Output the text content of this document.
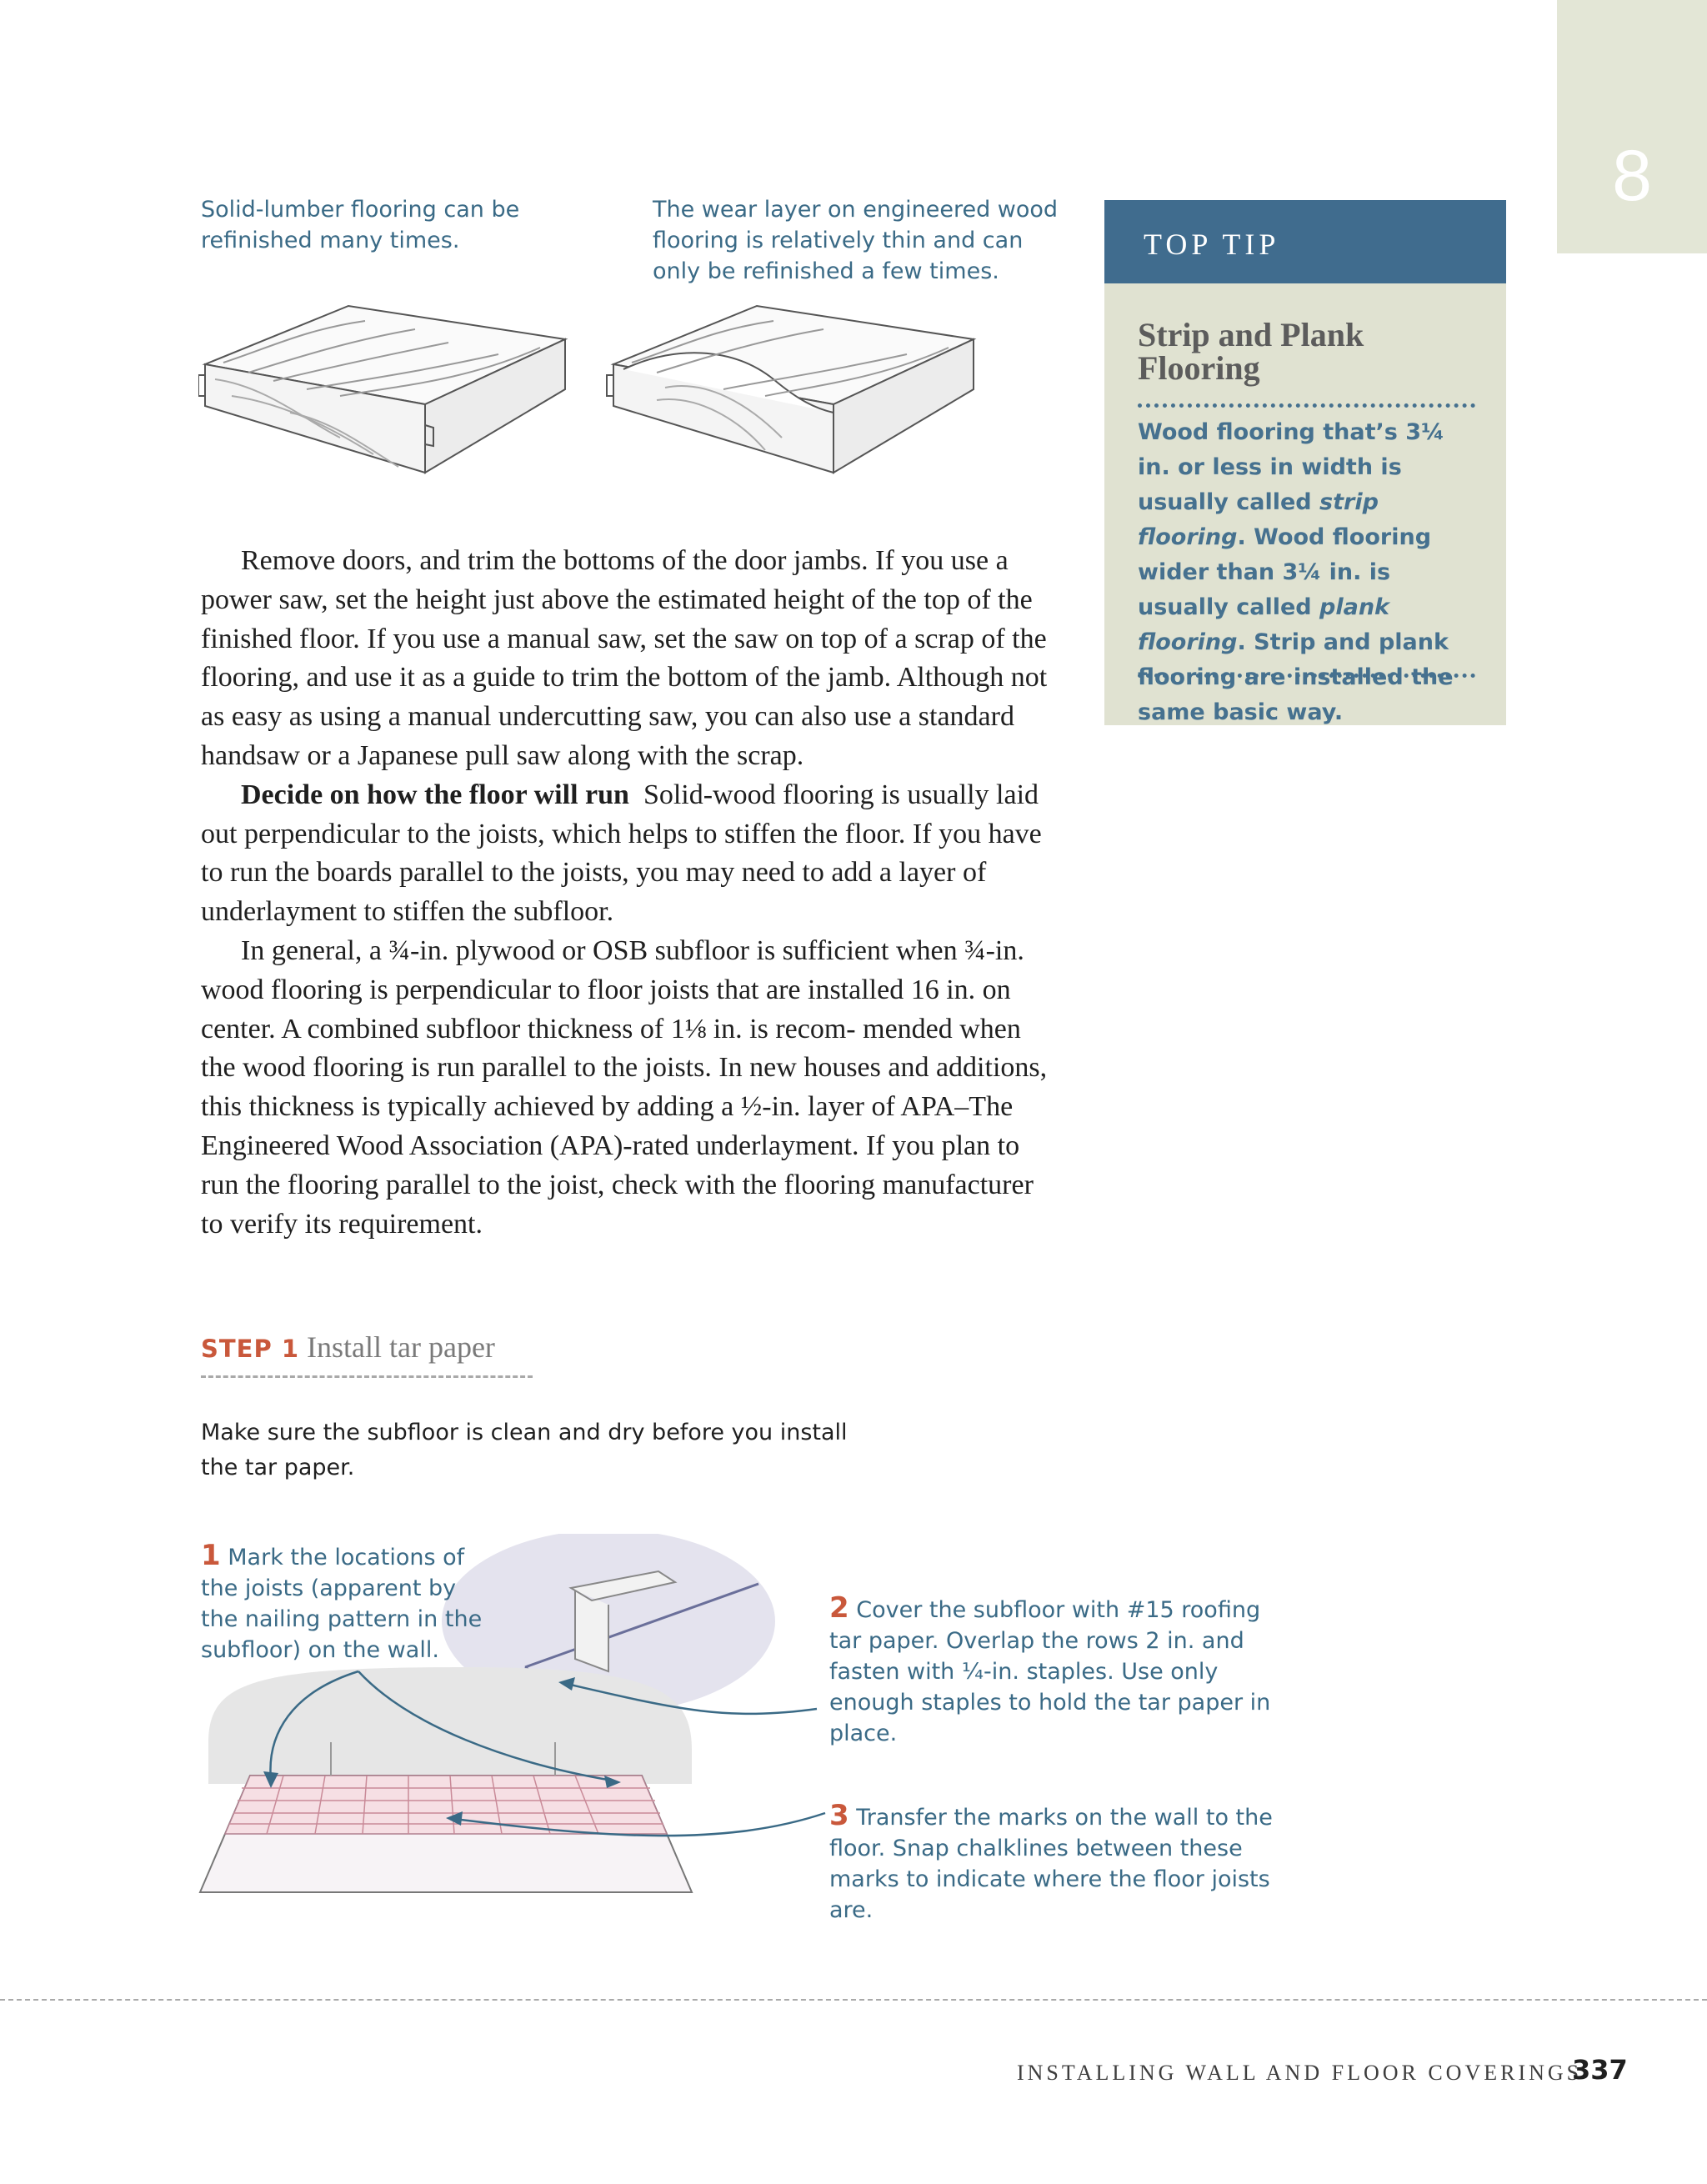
8
Solid-lumber flooring can be refinished many times.
The wear layer on engineered wood flooring is relatively thin and can only be refinished a few times.

Remove doors, and trim the bottoms of the door jambs. If you use a power saw, set the height just above the estimated height of the top of the finished floor. If you use a manual saw, set the saw on top of a scrap of the flooring, and use it as a guide to trim the bottom of the jamb. Although not as easy as using a manual undercutting saw, you can also use a standard handsaw or a Japanese pull saw along with the scrap.

Decide on how the floor will run Solid-wood flooring is usually laid out perpendicular to the joists, which helps to stiffen the floor. If you have to run the boards parallel to the joists, you may need to add a layer of underlayment to stiffen the subfloor.

In general, a ¾-in. plywood or OSB subfloor is sufficient when ¾-in. wood flooring is perpendicular to floor joists that are installed 16 in. on center. A combined subfloor thickness of 1⅛ in. is recom- mended when the wood flooring is run parallel to the joists. In new houses and additions, this thickness is typically achieved by adding a ½-in. layer of APA–The Engineered Wood Association (APA)-rated underlayment. If you plan to run the flooring parallel to the joist, check with the flooring manufacturer to verify its requirement.

TOP TIP
Strip and Plank Flooring
Wood flooring that’s 3¼ in. or less in width is usually called strip flooring. Wood flooring wider than 3¼ in. is usually called plank flooring. Strip and plank flooring are installed the same basic way.
STEP 1 Install tar paper
Make sure the subfloor is clean and dry before you install the tar paper.
1 Mark the locations of the joists (apparent by the nailing pattern in the subfloor) on the wall.
2 Cover the subfloor with #15 roofing tar paper. Overlap the rows 2 in. and fasten with ¼-in. staples. Use only enough staples to hold the tar paper in place.
3 Transfer the marks on the wall to the floor. Snap chalklines between these marks to indicate where the floor joists are.
INSTALLING WALL AND FLOOR COVERINGS
337
